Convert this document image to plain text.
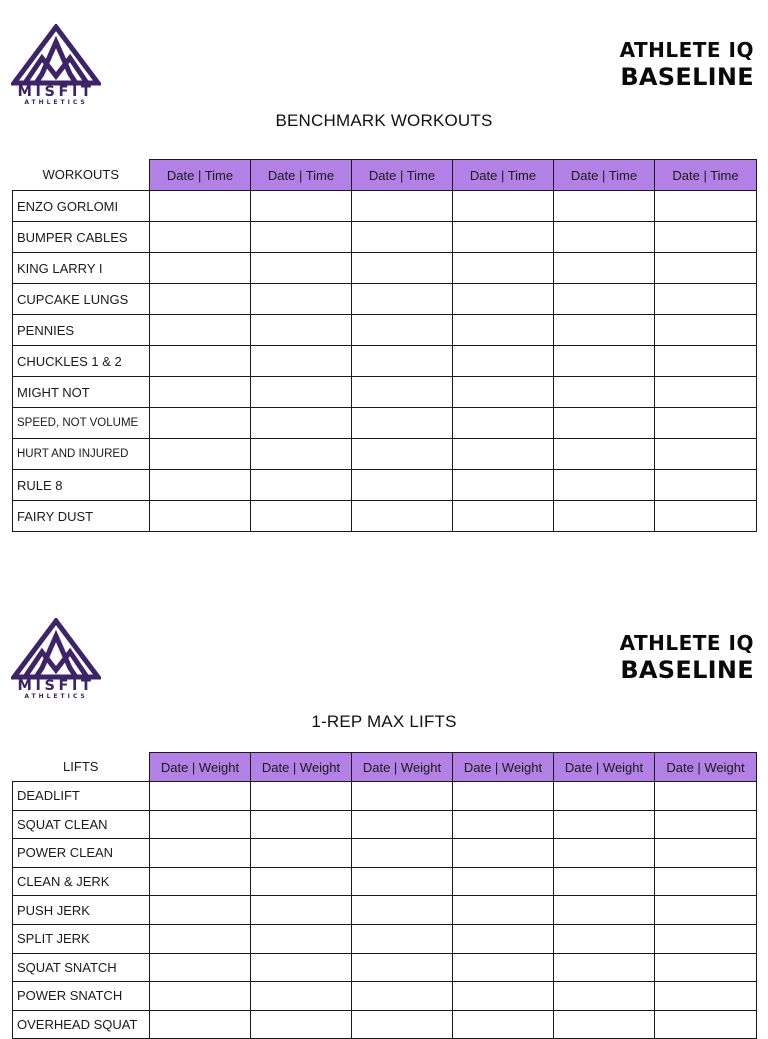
MISFIT
ATHLETICS
ATHLETE IQ
BASELINE
BENCHMARK WORKOUTS
WORKOUTS	Date | Time	Date | Time	Date | Time	Date | Time	Date | Time	Date | Time
ENZO GORLOMI						
BUMPER CABLES						
KING LARRY I						
CUPCAKE LUNGS						
PENNIES						
CHUCKLES 1 & 2						
MIGHT NOT						
SPEED, NOT VOLUME						
HURT AND INJURED						
RULE 8						
FAIRY DUST						
MISFIT
ATHLETICS
ATHLETE IQ
BASELINE
1-REP MAX LIFTS
LIFTS	Date | Weight	Date | Weight	Date | Weight	Date | Weight	Date | Weight	Date | Weight
DEADLIFT						
SQUAT CLEAN						
POWER CLEAN						
CLEAN & JERK						
PUSH JERK						
SPLIT JERK						
SQUAT SNATCH						
POWER SNATCH						
OVERHEAD SQUAT						
